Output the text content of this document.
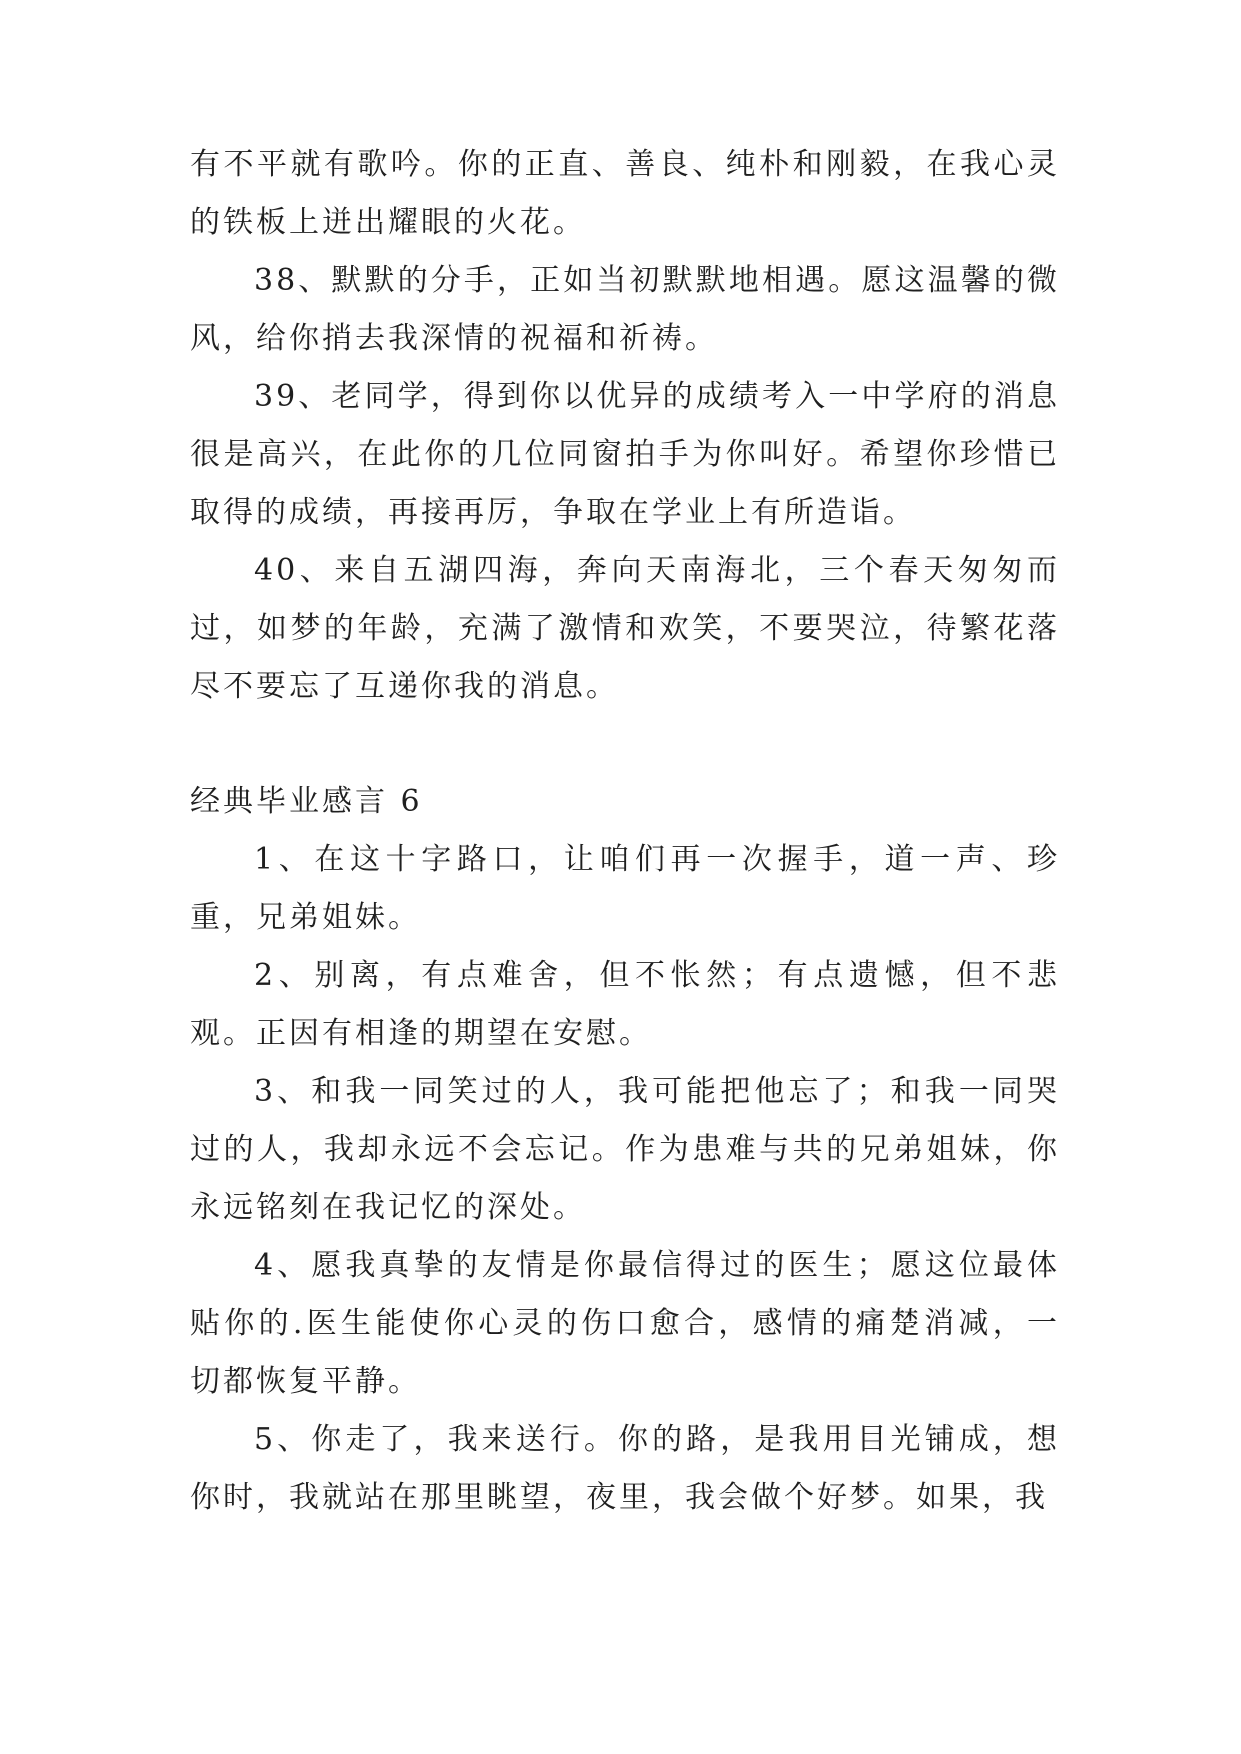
有不平就有歌吟。你的正直、善良、纯朴和刚毅，在我心灵的铁板上迸出耀眼的火花。

38、默默的分手，正如当初默默地相遇。愿这温馨的微风，给你捎去我深情的祝福和祈祷。

39、老同学，得到你以优异的成绩考入一中学府的消息很是高兴，在此你的几位同窗拍手为你叫好。希望你珍惜已取得的成绩，再接再厉，争取在学业上有所造诣。

40、来自五湖四海，奔向天南海北，三个春天匆匆而过，如梦的年龄，充满了激情和欢笑，不要哭泣，待繁花落尽不要忘了互递你我的消息。

经典毕业感言 6

1、在这十字路口，让咱们再一次握手，道一声、珍重，兄弟姐妹。

2、别离，有点难舍，但不怅然；有点遗憾，但不悲观。正因有相逢的期望在安慰。

3、和我一同笑过的人，我可能把他忘了；和我一同哭过的人，我却永远不会忘记。作为患难与共的兄弟姐妹，你永远铭刻在我记忆的深处。

4、愿我真挚的友情是你最信得过的医生；愿这位最体贴你的.医生能使你心灵的伤口愈合，感情的痛楚消减，一切都恢复平静。

5、你走了，我来送行。你的路，是我用目光铺成，想你时，我就站在那里眺望，夜里，我会做个好梦。如果，我
